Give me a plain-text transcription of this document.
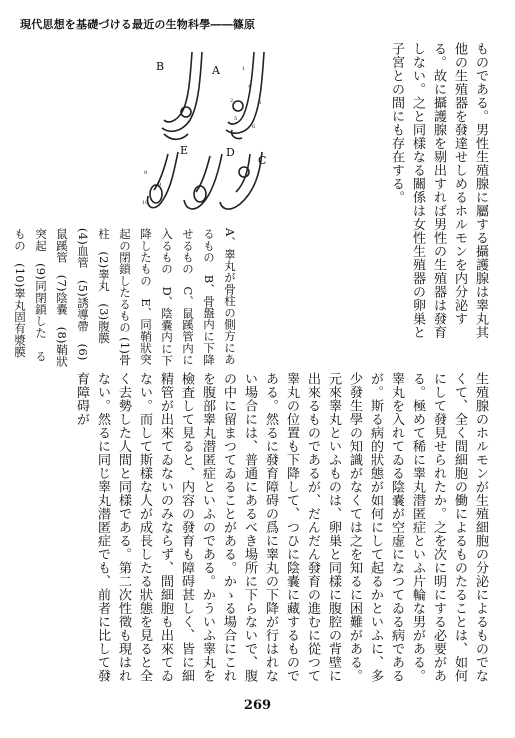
現代思想を基礎づける最近の生物科學――篠原
ものである。男性生殖腺に屬する攝護腺は睾丸其他の生殖器を發達せしめるホルモンを内分泌する。故に攝護腺を剔出すれば男性の生殖器は發育しない。之と同樣なる關係は女性生殖器の卵巣と子宮との間にも存在する。
B	A
E	D
C
1
4
2	3
5
6
8
10
9
A、睾丸が骨柱の側方にあるもの　B、骨盤内に下降せるもの　C、鼠蹊管内に入るもの　D、陰嚢内に下降したもの　E、同鞘狀突起の閉鎖したるもの (1)骨柱　(2)睾丸　(3)腹膜　(4)血管　(5)誘導帶　(6)鼠蹊管　(7)陰嚢　(8)鞘狀突起　(9)同閉鎖した　るもの　(10)睾丸固有漿膜
生殖腺のホルモンが生殖細胞の分泌によるものでなくて、全く間細胞の働によるものたることは、如何にして發見せられたか。之を次に明にする必要がある。極めて稀に睾丸潜匿症といふ片輪な男がある。睾丸を入れてゐる陰嚢が空虚になつてゐる病であるが。斯る病的狀態が如何にして起るかといふに、多少發生學の知識がなくては之を知るに困難がある。元來睾丸といふものは、卵巣と同樣に腹腔の背壁に出來るものであるが、だんだん發育の進むに從つて睾丸の位置も下降して、つひに陰嚢に藏するものである。然るに發育障碍の爲に睾丸の下降が行はれない場合には、普通にあるべき場所に下らないで、腹の中に留まつてゐることがある。かゝる場合にこれを腹部睾丸潜匿症といふのである。かういふ睾丸を檢査して見ると、内容の發育も障碍甚しく、皆に細精管が出來てゐないのみならず、間細胞も出來てゐない。而して斯樣な人が成長したる狀態を見ると全く去勢した人間と同樣である。第二次性徵も現はれない。然るに同じ睾丸潜匿症でも、前者に比して發育障碍が
269
